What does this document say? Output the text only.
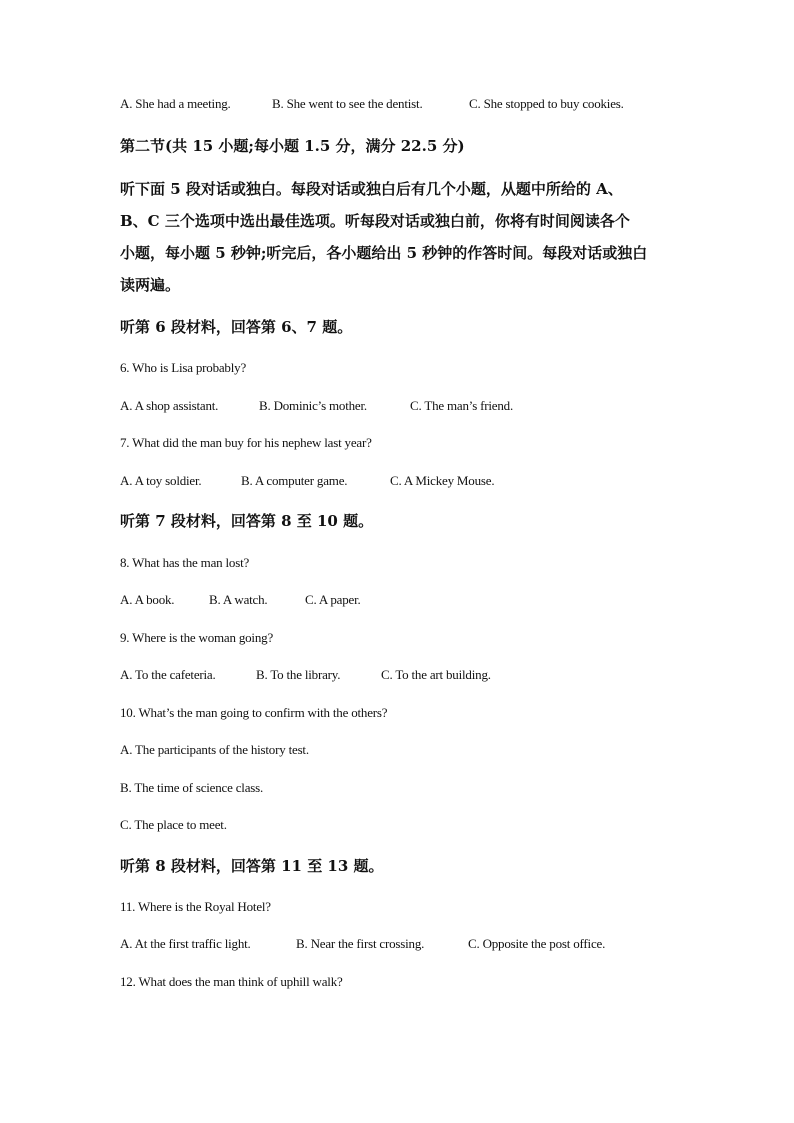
A. She had a meeting.	B. She went to see the dentist.	C. She stopped to buy cookies.
第二节(共 15 小题;每小题 1.5 分，满分 22.5 分)
听下面 5 段对话或独白。每段对话或独白后有几个小题，从题中所给的 A、
B、C 三个选项中选出最佳选项。听每段对话或独白前，你将有时间阅读各个
小题，每小题 5 秒钟;听完后，各小题给出 5 秒钟的作答时间。每段对话或独白
读两遍。
听第 6 段材料，回答第 6、7 题。
6. Who is Lisa probably?
A. A shop assistant.	B. Dominic’s mother.	C. The man’s friend.
7. What did the man buy for his nephew last year?
A. A toy soldier.	B. A computer game.	C. A Mickey Mouse.
听第 7 段材料，回答第 8 至 10 题。
8. What has the man lost?
A. A book.	B. A watch.	C. A paper.
9. Where is the woman going?
A. To the cafeteria.	B. To the library.	C. To the art building.
10. What’s the man going to confirm with the others?
A. The participants of the history test.
B. The time of science class.
C. The place to meet.
听第 8 段材料，回答第 11 至 13 题。
11. Where is the Royal Hotel?
A. At the first traffic light.	B. Near the first crossing.	C. Opposite the post office.
12. What does the man think of uphill walk?
